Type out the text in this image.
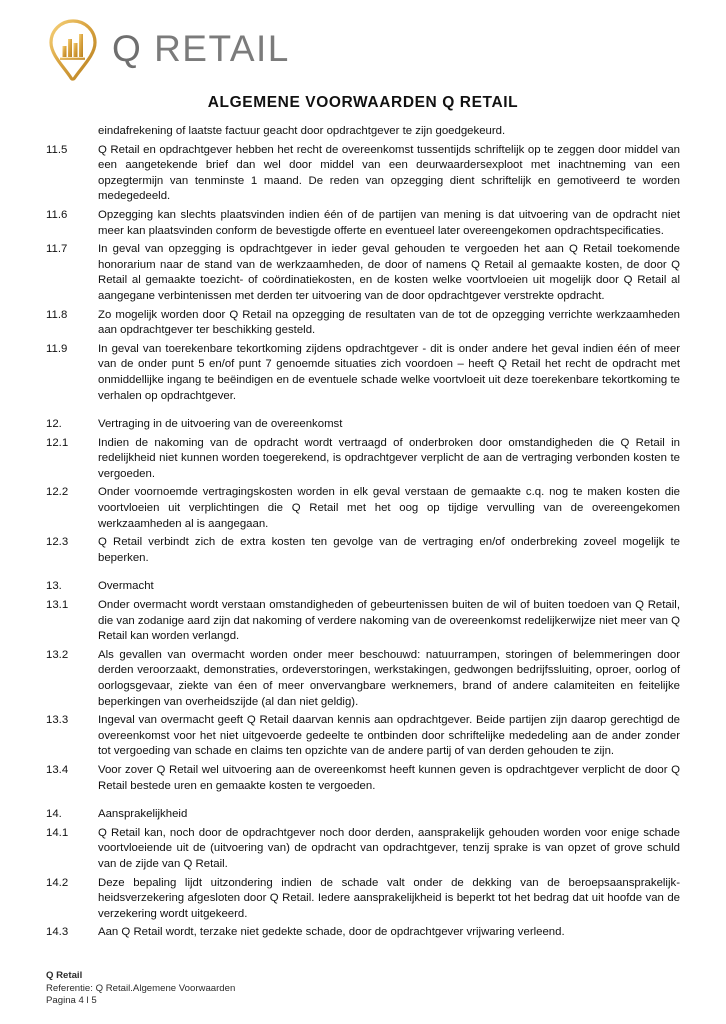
Q RETAIL
ALGEMENE VOORWAARDEN Q RETAIL
eindafrekening of laatste factuur geacht door opdrachtgever te zijn goedgekeurd.
11.5	Q Retail en opdrachtgever hebben het recht de overeenkomst tussentijds schriftelijk op te zeggen door middel van een aangetekende brief dan wel door middel van een deurwaardersexploot met inachtneming van een opzegtermijn van tenminste 1 maand. De reden van opzegging dient schriftelijk en gemotiveerd te worden medegedeeld.
11.6	Opzegging kan slechts plaatsvinden indien één of de partijen van mening is dat uitvoering van de opdracht niet meer kan plaatsvinden conform de bevestigde offerte en eventueel later overeengekomen opdrachtspecificaties.
11.7	In geval van opzegging is opdrachtgever in ieder geval gehouden te vergoeden het aan Q Retail toekomende honorarium naar de stand van de werkzaamheden, de door of namens Q Retail al gemaakte kosten, de door Q Retail al gemaakte toezicht- of coördinatiekosten, en de kosten welke voortvloeien uit mogelijk door Q Retail al aangegane verbintenissen met derden ter uitvoering van de door opdrachtgever verstrekte opdracht.
11.8	Zo mogelijk worden door Q Retail na opzegging de resultaten van de tot de opzegging verrichte werkzaamheden aan opdrachtgever ter beschikking gesteld.
11.9	In geval van toerekenbare tekortkoming zijdens opdrachtgever - dit is onder andere het geval indien één of meer van de onder punt 5 en/of punt 7 genoemde situaties zich voordoen – heeft Q Retail het recht de opdracht met onmiddellijke ingang te beëindigen en de eventuele schade welke voortvloeit uit deze toerekenbare tekortkoming te verhalen op opdrachtgever.
12.	Vertraging in de uitvoering van de overeenkomst
12.1	Indien de nakoming van de opdracht wordt vertraagd of onderbroken door omstandigheden die Q Retail in redelijkheid niet kunnen worden toegerekend, is opdrachtgever verplicht de aan de vertraging verbonden kosten te vergoeden.
12.2	Onder voornoemde vertragingskosten worden in elk geval verstaan de gemaakte c.q. nog te maken kosten die voortvloeien uit verplichtingen die Q Retail met het oog op tijdige vervulling van de overeengekomen werkzaamheden al is aangegaan.
12.3	Q Retail verbindt zich de extra kosten ten gevolge van de vertraging en/of onderbreking zoveel mogelijk te beperken.
13.	Overmacht
13.1	Onder overmacht wordt verstaan omstandigheden of gebeurtenissen buiten de wil of buiten toedoen van Q Retail, die van zodanige aard zijn dat nakoming of verdere nakoming van de overeenkomst redelijkerwijze niet meer van Q Retail kan worden verlangd.
13.2	Als gevallen van overmacht worden onder meer beschouwd: natuurrampen, storingen of belemmeringen door derden veroorzaakt, demonstraties, ordeverstoringen, werkstakingen, gedwongen bedrijfssluiting, oproer, oorlog of oorlogsgevaar, ziekte van éen of meer onvervangbare werknemers, brand of andere calamiteiten en feitelijke beperkingen van overheidszijde (al dan niet geldig).
13.3	Ingeval van overmacht geeft Q Retail daarvan kennis aan opdrachtgever. Beide partijen zijn daarop gerechtigd de overeenkomst voor het niet uitgevoerde gedeelte te ontbinden door schriftelijke mededeling aan de ander zonder tot vergoeding van schade en claims ten opzichte van de andere partij of van derden gehouden te zijn.
13.4	Voor zover Q Retail wel uitvoering aan de overeenkomst heeft kunnen geven is opdrachtgever verplicht de door Q Retail bestede uren en gemaakte kosten te vergoeden.
14.	Aansprakelijkheid
14.1	Q Retail kan, noch door de opdrachtgever noch door derden, aansprakelijk gehouden worden voor enige schade voortvloeiende uit de (uitvoering van) de opdracht van opdrachtgever, tenzij sprake is van opzet of grove schuld van de zijde van Q Retail.
14.2	Deze bepaling lijdt uitzondering indien de schade valt onder de dekking van de beroepsaansprakelijk-heidsverzekering afgesloten door Q Retail. Iedere aansprakelijkheid is beperkt tot het bedrag dat uit hoofde van de verzekering wordt uitgekeerd.
14.3	Aan Q Retail wordt, terzake niet gedekte schade, door de opdrachtgever vrijwaring verleend.
Q Retail
Referentie: Q Retail.Algemene Voorwaarden
Pagina 4 l 5
